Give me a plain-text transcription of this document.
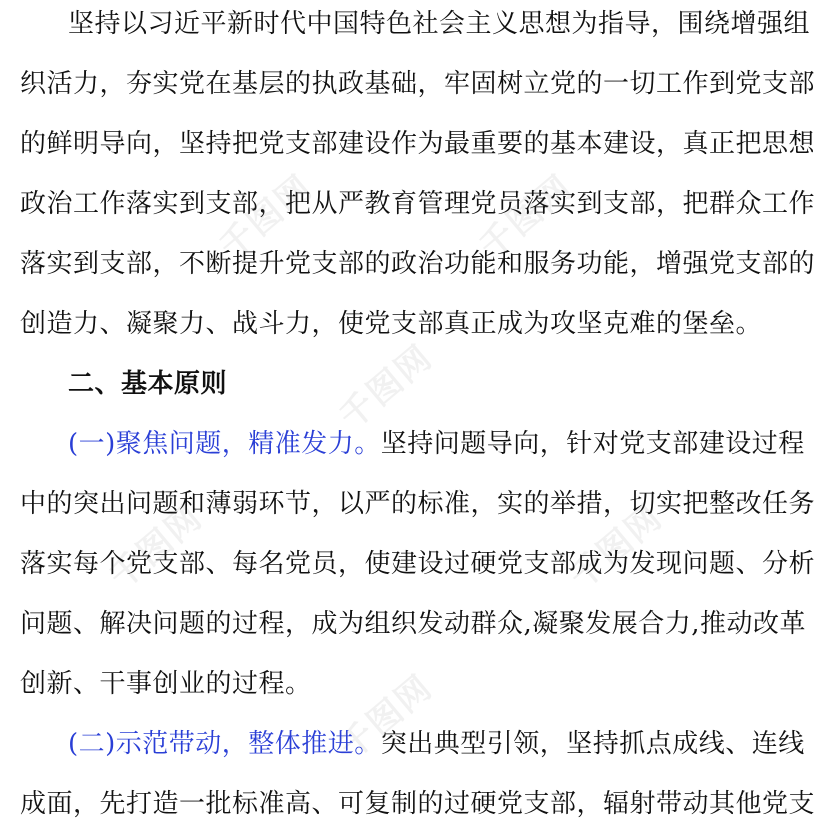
坚持以习近平新时代中国特色社会主义思想为指导，围绕增强组
织活力，夯实党在基层的执政基础，牢固树立党的一切工作到党支部
的鲜明导向，坚持把党支部建设作为最重要的基本建设，真正把思想
政治工作落实到支部，把从严教育管理党员落实到支部，把群众工作
落实到支部，不断提升党支部的政治功能和服务功能，增强党支部的
创造力、凝聚力、战斗力，使党支部真正成为攻坚克难的堡垒。
二、基本原则
(一)聚焦问题，精准发力。坚持问题导向，针对党支部建设过程
中的突出问题和薄弱环节，以严的标准，实的举措，切实把整改任务
落实每个党支部、每名党员，使建设过硬党支部成为发现问题、分析
问题、解决问题的过程，成为组织发动群众,凝聚发展合力,推动改革
创新、干事创业的过程。
(二)示范带动，整体推进。突出典型引领，坚持抓点成线、连线
成面，先打造一批标准高、可复制的过硬党支部，辐射带动其他党支
千图网	千图网
千图网
千图网	千图网
千图网
